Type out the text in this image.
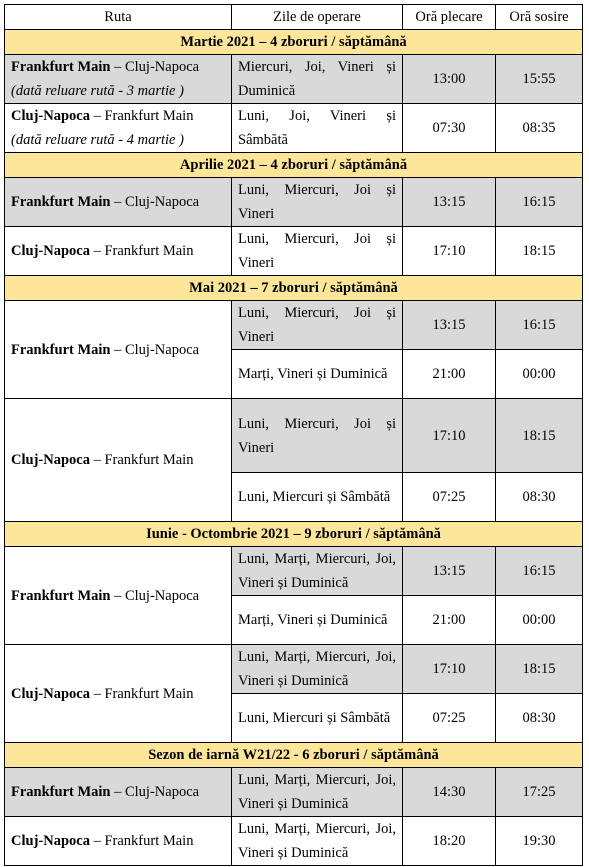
Ruta	Zile de operare	Oră plecare	Oră sosire
Martie 2021 – 4 zboruri / săptămână			
Frankfurt Main – Cluj-Napoca
(dată reluare rută - 3 martie )	Miercuri, Joi, Vineri și Duminică	13:00	15:55
Cluj-Napoca – Frankfurt Main
(dată reluare rută - 4 martie )	Luni, Joi, Vineri și Sâmbătă	07:30	08:35
Aprilie 2021 – 4 zboruri / săptămână			
Frankfurt Main – Cluj-Napoca	Luni, Miercuri, Joi și Vineri	13:15	16:15
Cluj-Napoca – Frankfurt Main	Luni, Miercuri, Joi și Vineri	17:10	18:15
Mai 2021 – 7 zboruri / săptămână			
Frankfurt Main – Cluj-Napoca	Luni, Miercuri, Joi și Vineri	13:15	16:15
	Marți, Vineri și Duminică	21:00	00:00
Cluj-Napoca – Frankfurt Main	Luni, Miercuri, Joi și Vineri	17:10	18:15
	Luni, Miercuri și Sâmbătă	07:25	08:30
Iunie - Octombrie 2021 – 9 zboruri / săptămână			
Frankfurt Main – Cluj-Napoca	Luni, Marți, Miercuri, Joi, Vineri și Duminică	13:15	16:15
	Marți, Vineri și Duminică	21:00	00:00
Cluj-Napoca – Frankfurt Main	Luni, Marți, Miercuri, Joi, Vineri și Duminică	17:10	18:15
	Luni, Miercuri și Sâmbătă	07:25	08:30
Sezon de iarnă W21/22 - 6 zboruri / săptămână			
Frankfurt Main – Cluj-Napoca	Luni, Marți, Miercuri, Joi, Vineri și Duminică	14:30	17:25
Cluj-Napoca – Frankfurt Main	Luni, Marți, Miercuri, Joi, Vineri și Duminică	18:20	19:30
